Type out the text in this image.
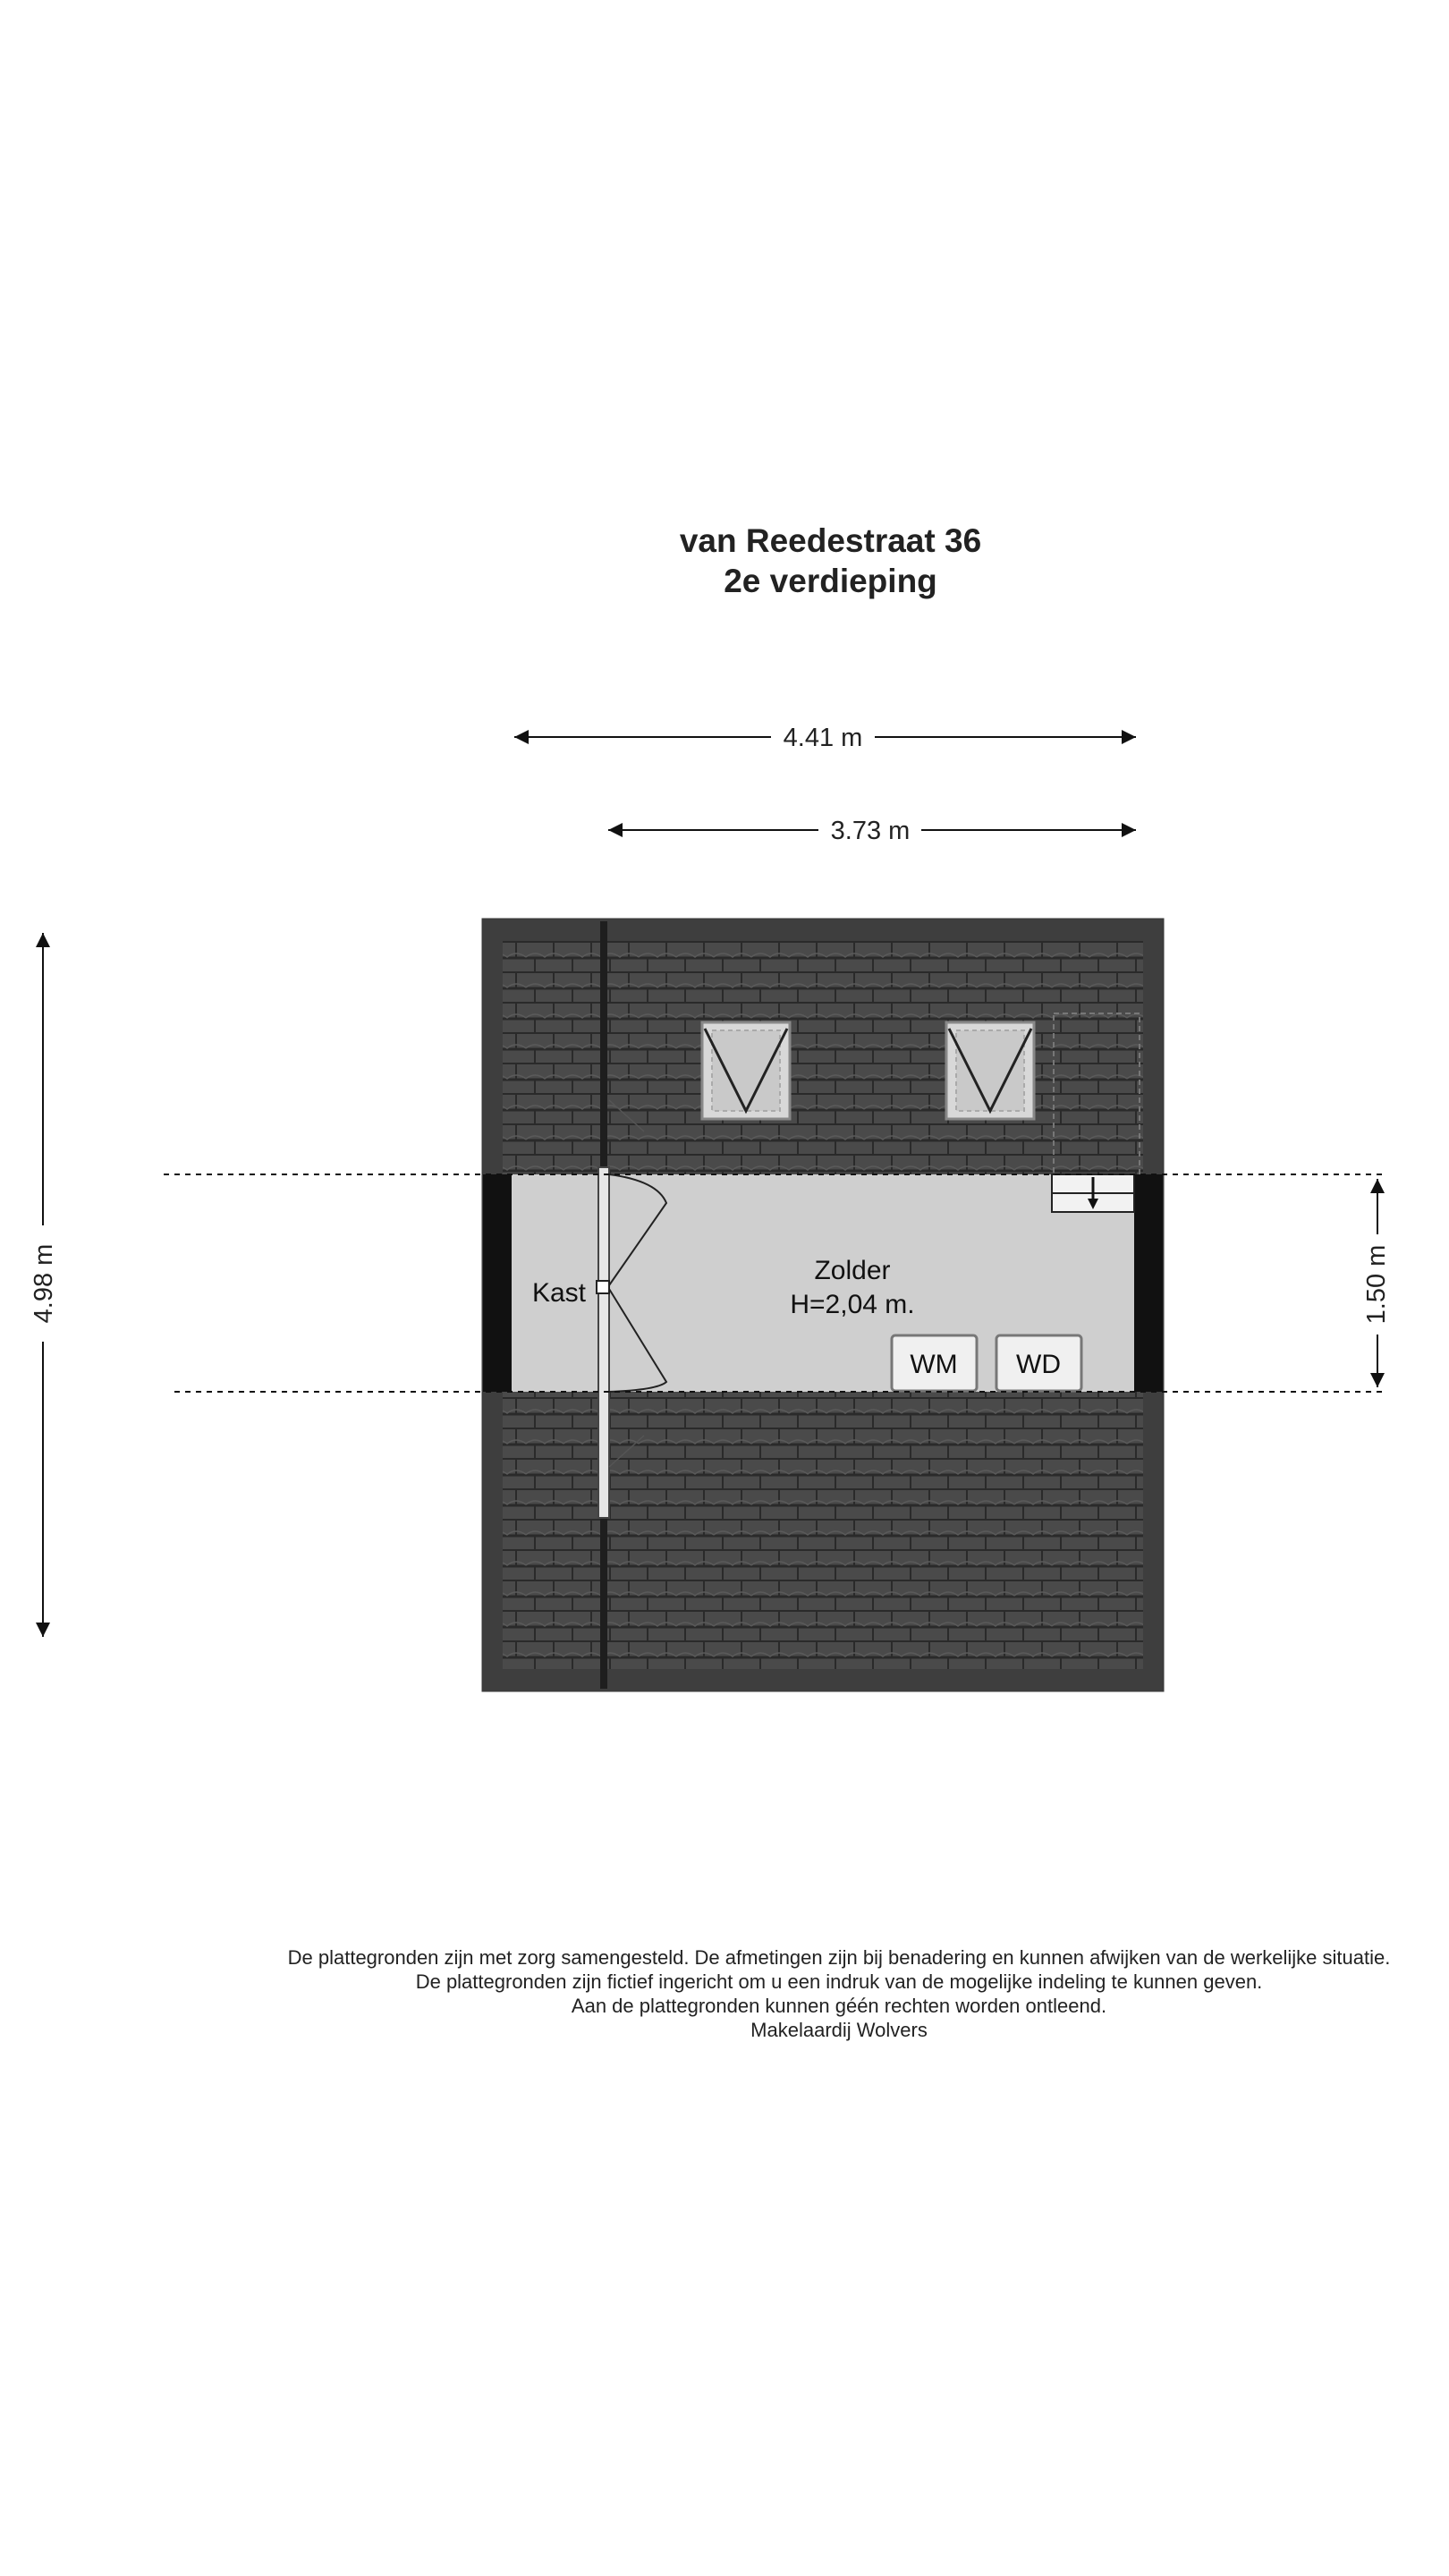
van Reedestraat 36
2e verdieping
WM WD
Zolder
H=2,04 m.
Kast
4.41 m
3.73 m
4.98 m	1.50 m
De plattegronden zijn met zorg samengesteld. De afmetingen zijn bij benadering en kunnen afwijken van de werkelijke situatie.
De plattegronden zijn fictief ingericht om u een indruk van de mogelijke indeling te kunnen geven.
Aan de plattegronden kunnen géén rechten worden ontleend.
Makelaardij Wolvers
